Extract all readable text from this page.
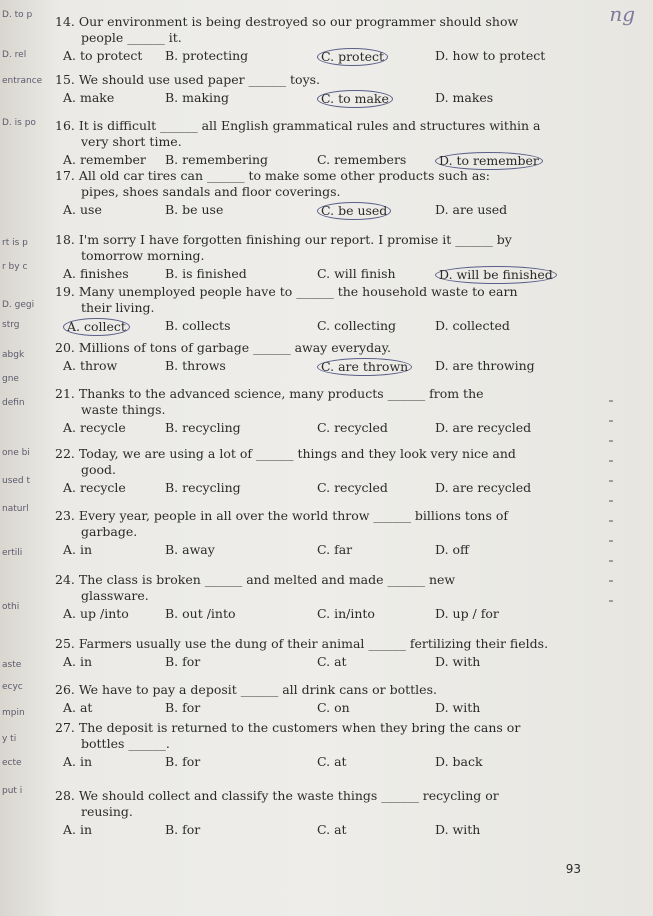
ng
D. to p
D. rel
entrance
D. is po
rt is p
r by c
D. gegi
strg
abgk
gne
defin
one bi
used t
naturl
ertili
othi
aste
ecyc
mpin
y ti
ecte
put i
14. Our environment is being destroyed so our programmer should show
people ______ it.
A. to protect B. protecting	C. protect	D. how to protect
15. We should use used paper ______ toys.
A. make	B. making	C. to make	D. makes
16. It is difficult ______ all English grammatical rules and structures within a
very short time.
A. remember B. remembering	C. remembers	D. to remember
17. All old car tires can ______ to make some other products such as:
pipes, shoes sandals and floor coverings.
A. use	B. be use	C. be used	D. are used
18. I'm sorry I have forgotten finishing our report. I promise it ______ by
tomorrow morning.
A. finishes	B. is finished	C. will finish	D. will be finished
19. Many unemployed people have to ______ the household waste to earn
their living.
A. collect	B. collects	C. collecting	D. collected
20. Millions of tons of garbage ______ away everyday.
A. throw	B. throws	C. are thrown	D. are throwing
21. Thanks to the advanced science, many products ______ from the
waste things.
A. recycle	B. recycling	C. recycled	D. are recycled
22. Today, we are using a lot of ______ things and they look very nice and
good.
A. recycle	B. recycling	C. recycled	D. are recycled
23. Every year, people in all over the world throw ______ billions tons of
garbage.
A. in	B. away	C. far	D. off
24. The class is broken ______ and melted and made ______ new
glassware.
A. up /into	B. out /into	C. in/into	D. up / for
25. Farmers usually use the dung of their animal ______ fertilizing their fields.
A. in	B. for	C. at	D. with
26. We have to pay a deposit ______ all drink cans or bottles.
A. at	B. for	C. on	D. with
27. The deposit is returned to the customers when they bring the cans or
bottles ______.
A. in	B. for	C. at	D. back
28. We should collect and classify the waste things ______ recycling or
reusing.
A. in	B. for	C. at	D. with
93
